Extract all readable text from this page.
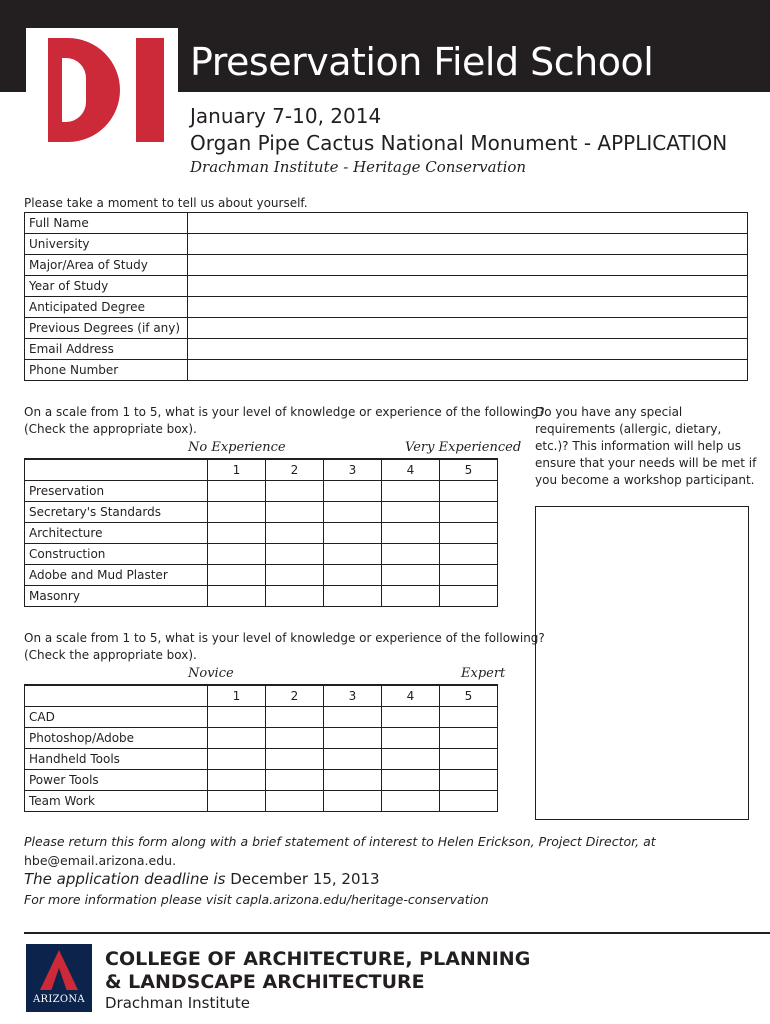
Preservation Field School
January 7-10, 2014
Organ Pipe Cactus National Monument - APPLICATION
Drachman Institute - Heritage Conservation
Please take a moment to tell us about yourself.
Full Name	
University	
Major/Area of Study	
Year of Study	
Anticipated Degree	
Previous Degrees (if any)	
Email Address	
Phone Number	
On a scale from 1 to 5, what is your level of knowledge or experience of the following?
(Check the appropriate box).
No Experience	Very Experienced
	1	2	3	4	5
Preservation					
Secretary's Standards					
Architecture					
Construction					
Adobe and Mud Plaster					
Masonry					
On a scale from 1 to 5, what is your level of knowledge or experience of the following?
(Check the appropriate box).
Novice	Expert
	1	2	3	4	5
CAD					
Photoshop/Adobe					
Handheld Tools					
Power Tools					
Team Work					
Do you have any special requirements (allergic, dietary, etc.)? This information will help us ensure that your needs will be met if you become a workshop participant.
Please return this form along with a brief statement of interest to Helen Erickson, Project Director, at
hbe@email.arizona.edu.
The application deadline is December 15, 2013
For more information please visit capla.arizona.edu/heritage-conservation
ARIZONA
COLLEGE OF ARCHITECTURE, PLANNING
& LANDSCAPE ARCHITECTURE
Drachman Institute
